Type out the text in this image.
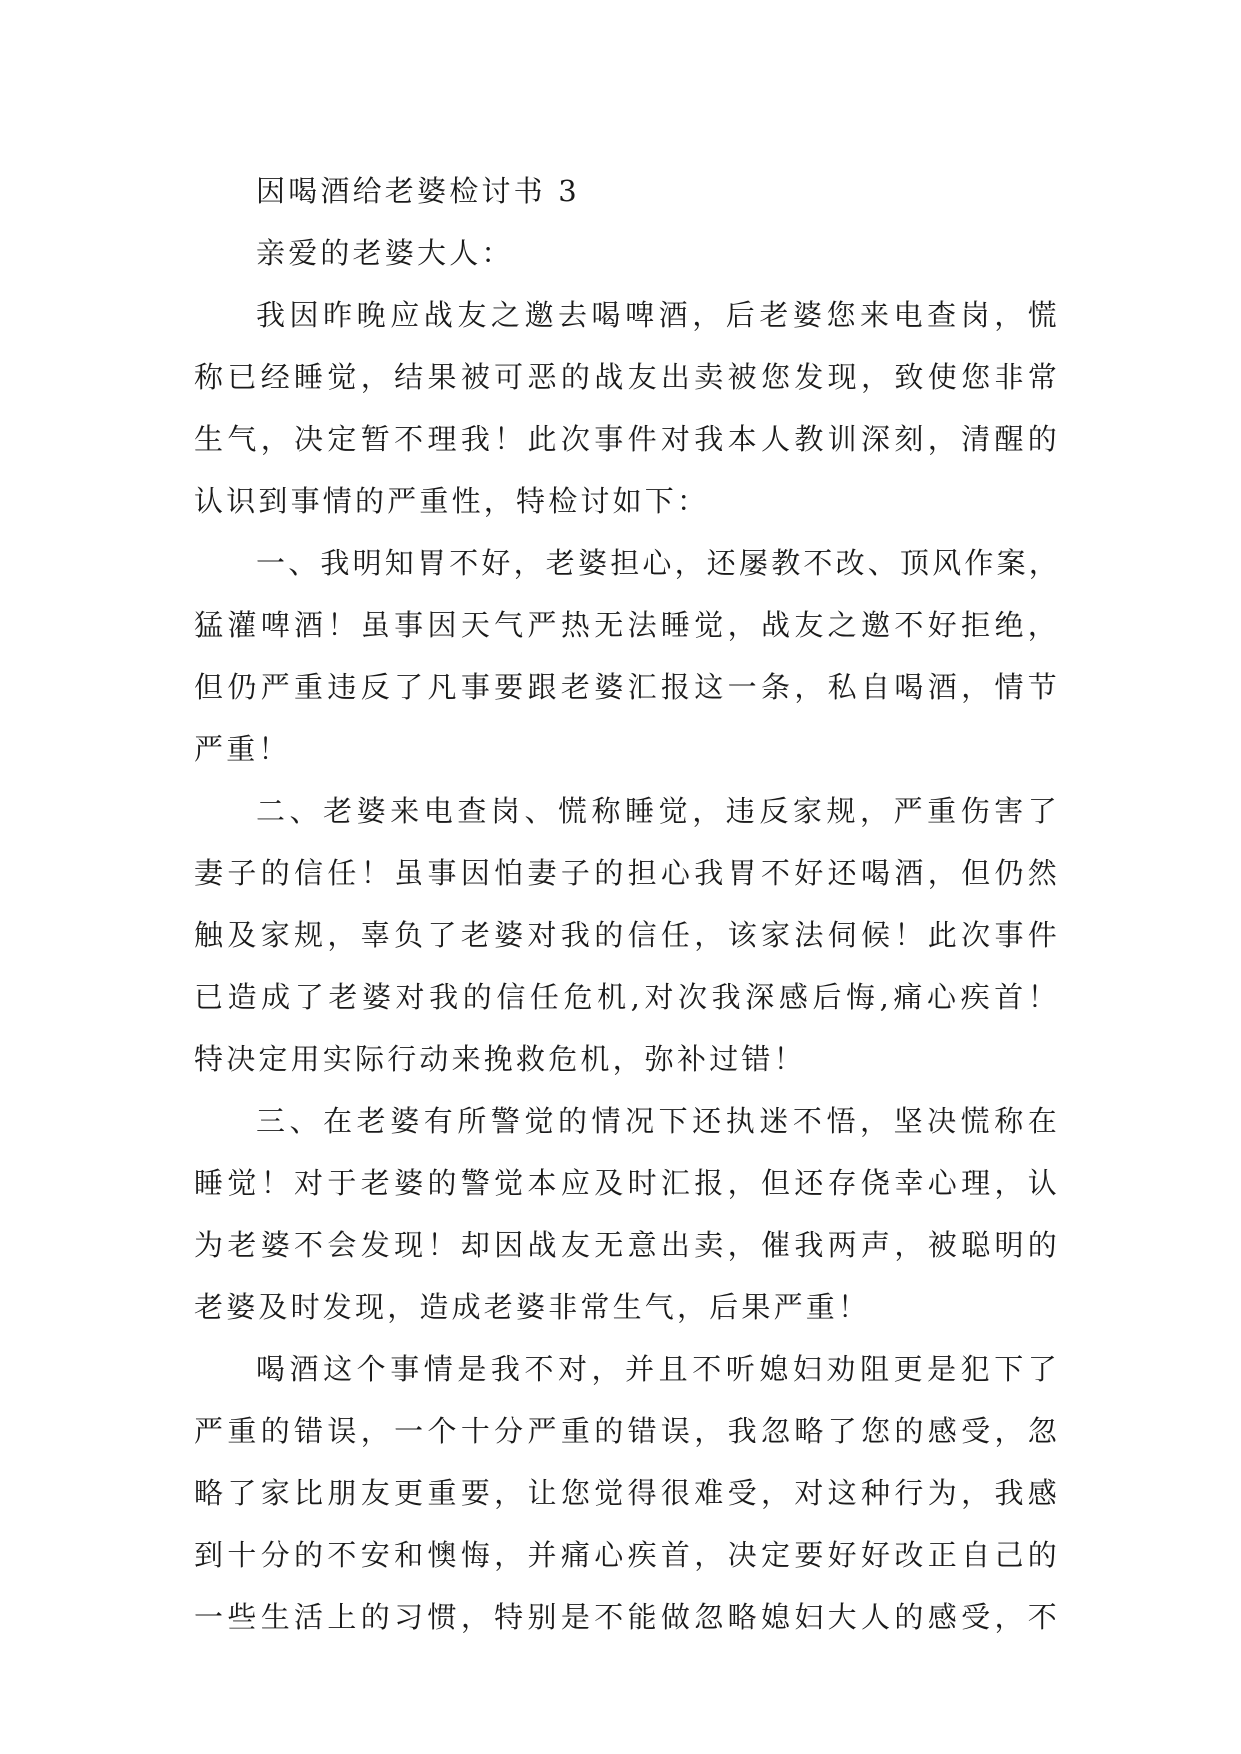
因喝酒给老婆检讨书 3
亲爱的老婆大人：
我因昨晚应战友之邀去喝啤酒，后老婆您来电查岗，慌
称已经睡觉，结果被可恶的战友出卖被您发现，致使您非常
生气，决定暂不理我！此次事件对我本人教训深刻，清醒的
认识到事情的严重性，特检讨如下：
一、我明知胃不好，老婆担心，还屡教不改、顶风作案，
猛灌啤酒！虽事因天气严热无法睡觉，战友之邀不好拒绝，
但仍严重违反了凡事要跟老婆汇报这一条，私自喝酒，情节
严重！
二、老婆来电查岗、慌称睡觉，违反家规，严重伤害了
妻子的信任！虽事因怕妻子的担心我胃不好还喝酒，但仍然
触及家规，辜负了老婆对我的信任，该家法伺候！此次事件
已造成了老婆对我的信任危机,对次我深感后悔,痛心疾首！
特决定用实际行动来挽救危机，弥补过错！
三、在老婆有所警觉的情况下还执迷不悟，坚决慌称在
睡觉！对于老婆的警觉本应及时汇报，但还存侥幸心理，认
为老婆不会发现！却因战友无意出卖，催我两声，被聪明的
老婆及时发现，造成老婆非常生气，后果严重！
喝酒这个事情是我不对，并且不听媳妇劝阻更是犯下了
严重的错误，一个十分严重的错误，我忽略了您的感受，忽
略了家比朋友更重要，让您觉得很难受，对这种行为，我感
到十分的不安和懊悔，并痛心疾首，决定要好好改正自己的
一些生活上的习惯，特别是不能做忽略媳妇大人的感受，不
